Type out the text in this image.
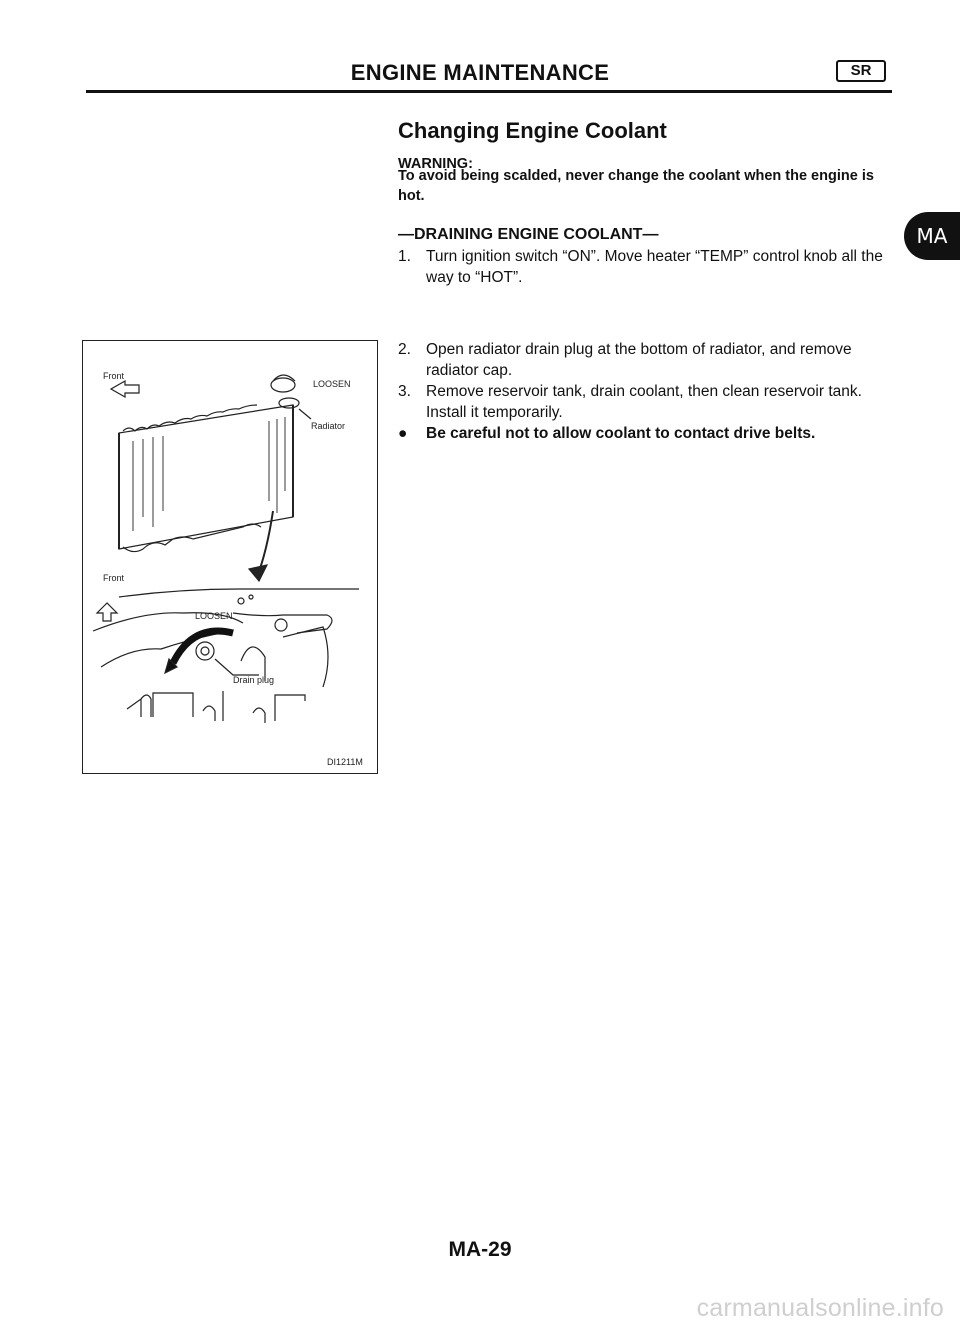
ENGINE MAINTENANCE	SR
MA
Changing Engine Coolant
WARNING:
To avoid being scalded, never change the coolant when the engine is hot.
—DRAINING ENGINE COOLANT—
1. Turn ignition switch “ON”. Move heater “TEMP” control knob all the way to “HOT”.
2. Open radiator drain plug at the bottom of radiator, and remove radiator cap.
3. Remove reservoir tank, drain coolant, then clean reservoir tank.
Install it temporarily.
● Be careful not to allow coolant to contact drive belts.
Front
LOOSEN
Radiator
Front
LOOSEN
Drain plug
DI1211M
MA-29
carmanualsonline.info
